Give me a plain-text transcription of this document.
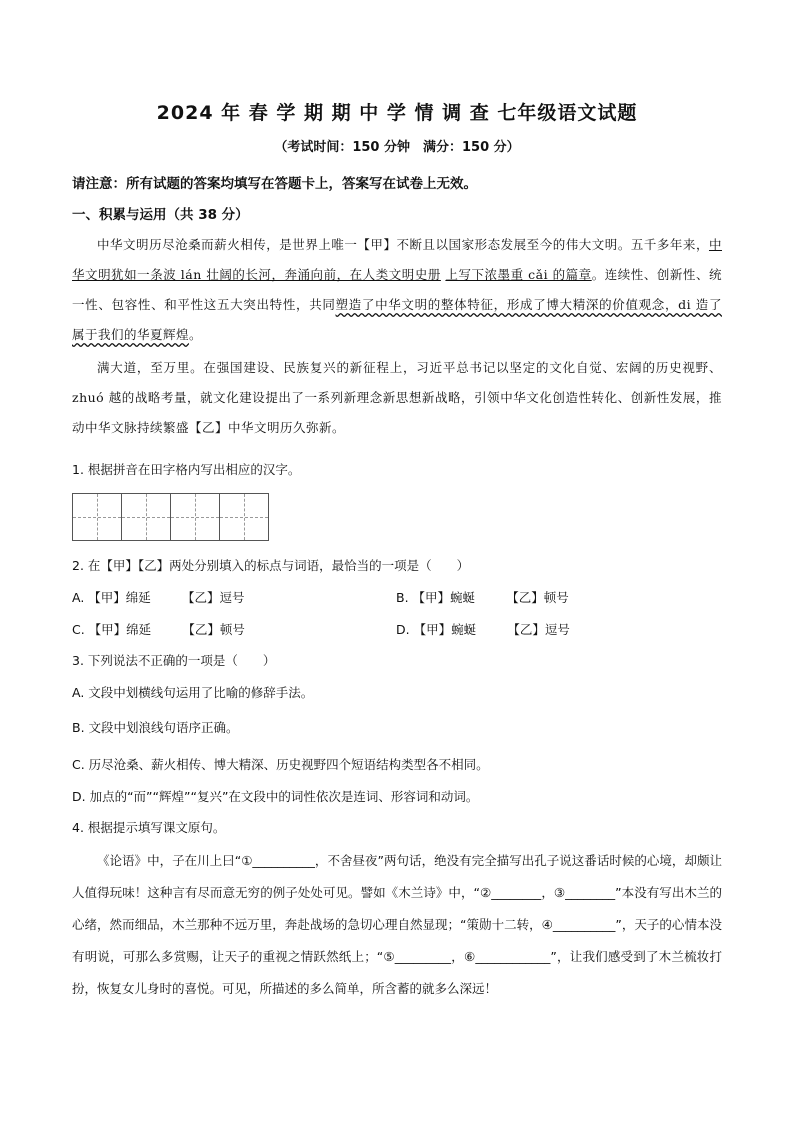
2024 年 春 学 期 期 中 学 情 调 查 七年级语文试题
（考试时间：150 分钟　满分：150 分）
请注意：所有试题的答案均填写在答题卡上，答案写在试卷上无效。
一、积累与运用（共 38 分）

中华文明历尽沧桑而薪火相传，是世界上唯一【甲】不断且以国家形态发展至今的伟大文明。五千多年来，中华文明犹如一条波 lán 壮阔的长河，奔涌向前，在人类文明史册 上写下浓墨重 cǎi 的篇章。连续性、创新性、统一性、包容性、和平性这五大突出特性，共同塑造了中华文明的整体特征，形成了博大精深的价值观念，di 造了属于我们的华夏辉煌。

满大道，至万里。在强国建设、民族复兴的新征程上，习近平总书记以坚定的文化自觉、宏阔的历史视野、zhuó 越的战略考量，就文化建设提出了一系列新理念新思想新战略，引领中华文化创造性转化、创新性发展，推动中华文脉持续繁盛【乙】中华文明历久弥新。

1. 根据拼音在田字格内写出相应的汉字。
2. 在【甲】【乙】两处分别填入的标点与词语，最恰当的一项是（　　）
A. 【甲】绵延　　　【乙】逗号	B. 【甲】蜿蜒　　　【乙】顿号
C. 【甲】绵延　　　【乙】顿号	D. 【甲】蜿蜒　　　【乙】逗号
3. 下列说法不正确的一项是（　　）
A. 文段中划横线句运用了比喻的修辞手法。
B. 文段中划浪线句语序正确。
C. 历尽沧桑、薪火相传、博大精深、历史视野四个短语结构类型各不相同。
D. 加点的“而”“辉煌”“复兴”在文段中的词性依次是连词、形容词和动词。
4. 根据提示填写课文原句。

《论语》中，子在川上曰“①__________，不舍昼夜”两句话，绝没有完全描写出孔子说这番话时候的心境，却颇让人值得玩味！这种言有尽而意无穷的例子处处可见。譬如《木兰诗》中，“②________，③________”本没有写出木兰的心绪，然而细品，木兰那种不远万里，奔赴战场的急切心理自然显现；“策勋十二转，④__________”，天子的心情本没有明说，可那么多赏赐，让天子的重视之情跃然纸上；“⑤_________，⑥____________”，让我们感受到了木兰梳妆打扮，恢复女儿身时的喜悦。可见，所描述的多么简单，所含蓄的就多么深远！
